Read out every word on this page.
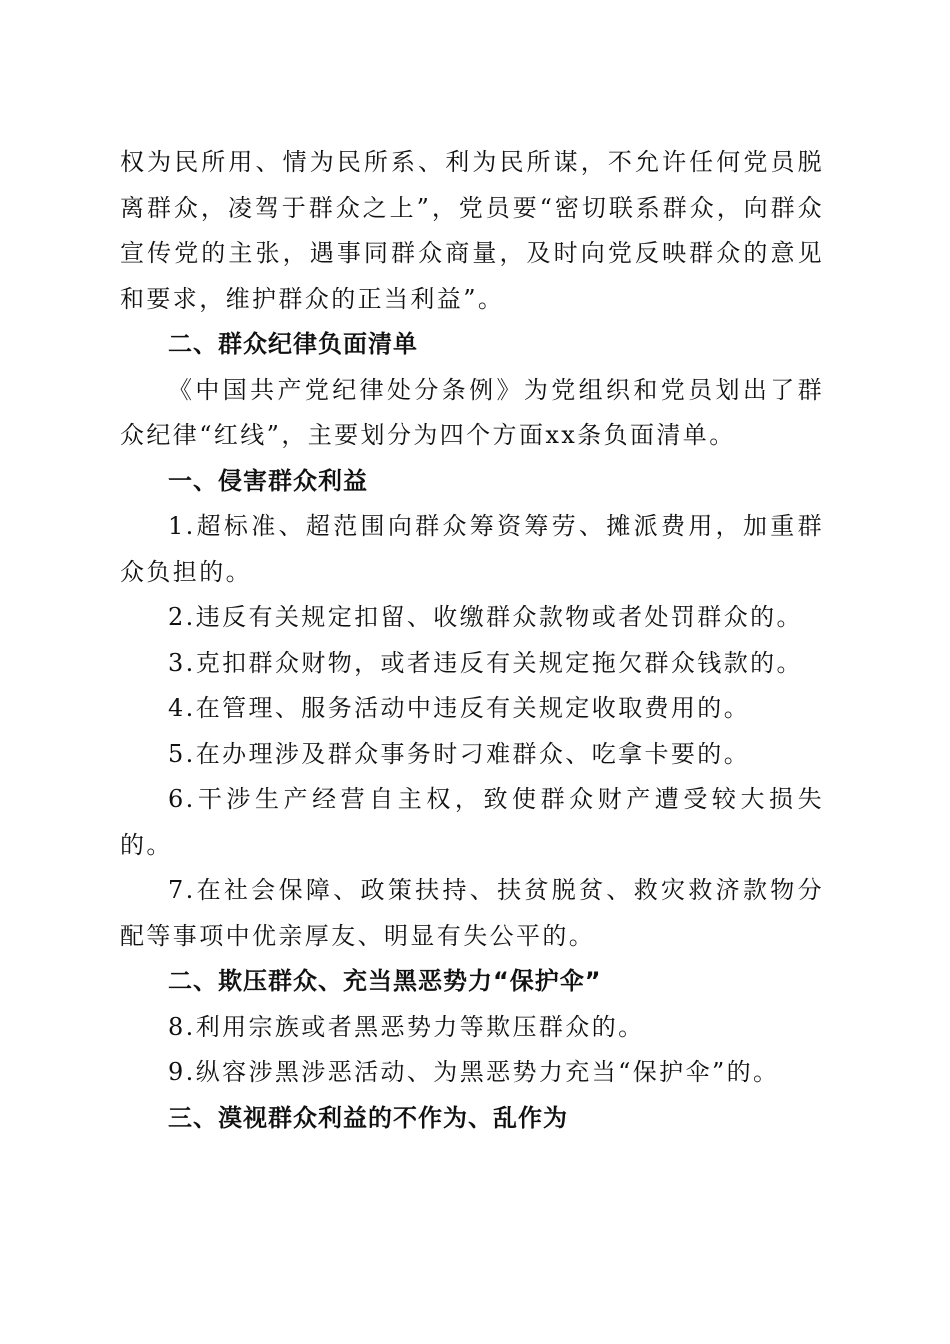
权为民所用、情为民所系、利为民所谋，不允许任何党员脱离群众，凌驾于群众之上”，党员要“密切联系群众，向群众宣传党的主张，遇事同群众商量，及时向党反映群众的意见和要求，维护群众的正当利益”。

二、群众纪律负面清单

《中国共产党纪律处分条例》为党组织和党员划出了群众纪律“红线”，主要划分为四个方面xx条负面清单。

一、侵害群众利益

1.超标准、超范围向群众筹资筹劳、摊派费用，加重群众负担的。

2.违反有关规定扣留、收缴群众款物或者处罚群众的。

3.克扣群众财物，或者违反有关规定拖欠群众钱款的。

4.在管理、服务活动中违反有关规定收取费用的。

5.在办理涉及群众事务时刁难群众、吃拿卡要的。

6.干涉生产经营自主权，致使群众财产遭受较大损失的。

7.在社会保障、政策扶持、扶贫脱贫、救灾救济款物分配等事项中优亲厚友、明显有失公平的。

二、欺压群众、充当黑恶势力“保护伞”

8.利用宗族或者黑恶势力等欺压群众的。

9.纵容涉黑涉恶活动、为黑恶势力充当“保护伞”的。

三、漠视群众利益的不作为、乱作为
